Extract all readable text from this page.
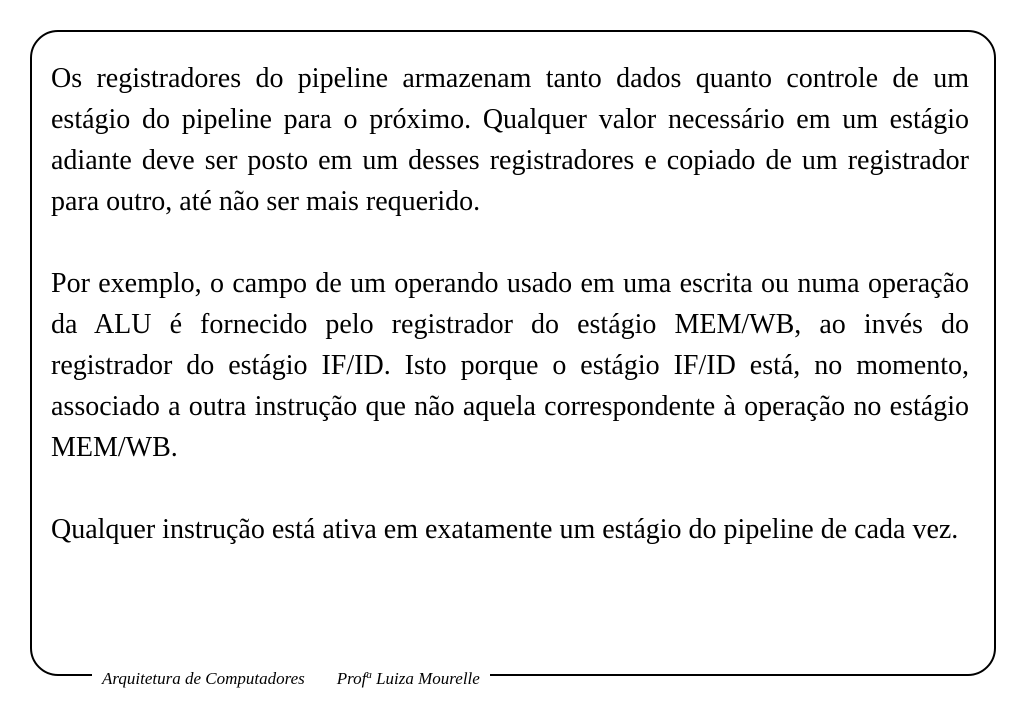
Os registradores do pipeline armazenam tanto dados quanto controle de um estágio do pipeline para o próximo. Qualquer valor necessário em um estágio adiante deve ser posto em um desses registradores e copiado de um registrador para outro, até não ser mais requerido.

Por exemplo, o campo de um operando usado em uma escrita ou numa operação da ALU é fornecido pelo registrador do estágio MEM/WB, ao invés do registrador do estágio IF/ID. Isto porque o estágio IF/ID está, no momento, associado a outra instrução que não aquela correspondente à operação no estágio MEM/WB.

Qualquer instrução está ativa em exatamente um estágio do pipeline de cada vez.

Arquitetura de Computadores Prof$^a$ Luiza Mourelle
